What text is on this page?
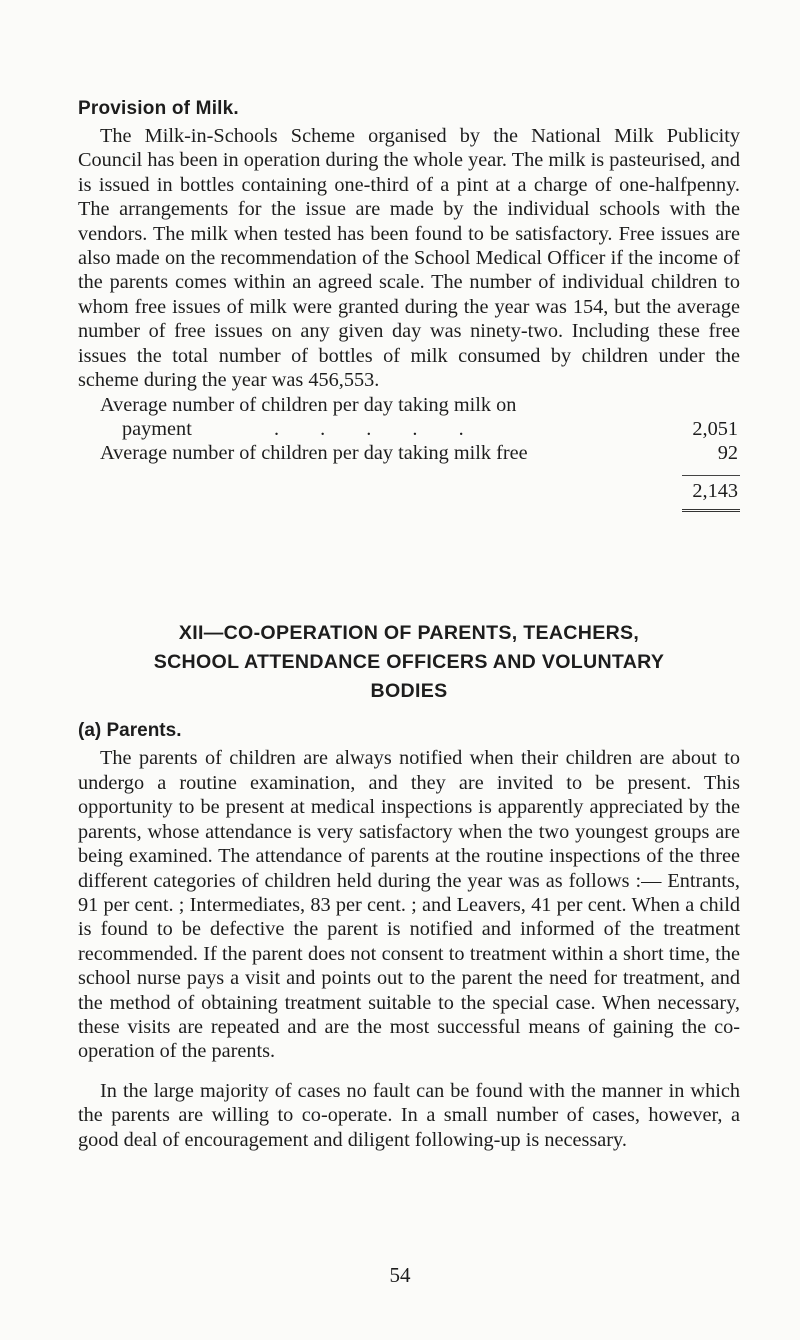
Provision of Milk.

The Milk-in-Schools Scheme organised by the National Milk Publicity Council has been in operation during the whole year. The milk is pasteurised, and is issued in bottles containing one-third of a pint at a charge of one-halfpenny. The arrangements for the issue are made by the individual schools with the vendors. The milk when tested has been found to be satisfactory. Free issues are also made on the recommendation of the School Medical Officer if the income of the parents comes within an agreed scale. The number of individual children to whom free issues of milk were granted during the year was 154, but the average number of free issues on any given day was ninety-two. Including these free issues the total number of bottles of milk consumed by children under the scheme during the year was 456,553.

Average number of children per day taking milk on
payment	. . . . .	2,051
Average number of children per day taking milk free	92
2,143
XII—CO-OPERATION OF PARENTS, TEACHERS,
SCHOOL ATTENDANCE OFFICERS AND VOLUNTARY
BODIES
(a) Parents.

The parents of children are always notified when their children are about to undergo a routine examination, and they are invited to be present. This opportunity to be present at medical inspections is apparently appreciated by the parents, whose attendance is very satisfactory when the two youngest groups are being examined. The attendance of parents at the routine inspections of the three different categories of children held during the year was as follows :— Entrants, 91 per cent. ; Intermediates, 83 per cent. ; and Leavers, 41 per cent. When a child is found to be defective the parent is notified and informed of the treatment recommended. If the parent does not consent to treatment within a short time, the school nurse pays a visit and points out to the parent the need for treatment, and the method of obtaining treatment suitable to the special case. When necessary, these visits are repeated and are the most successful means of gaining the co-operation of the parents.

In the large majority of cases no fault can be found with the manner in which the parents are willing to co-operate. In a small number of cases, however, a good deal of encouragement and diligent following-up is necessary.

54
